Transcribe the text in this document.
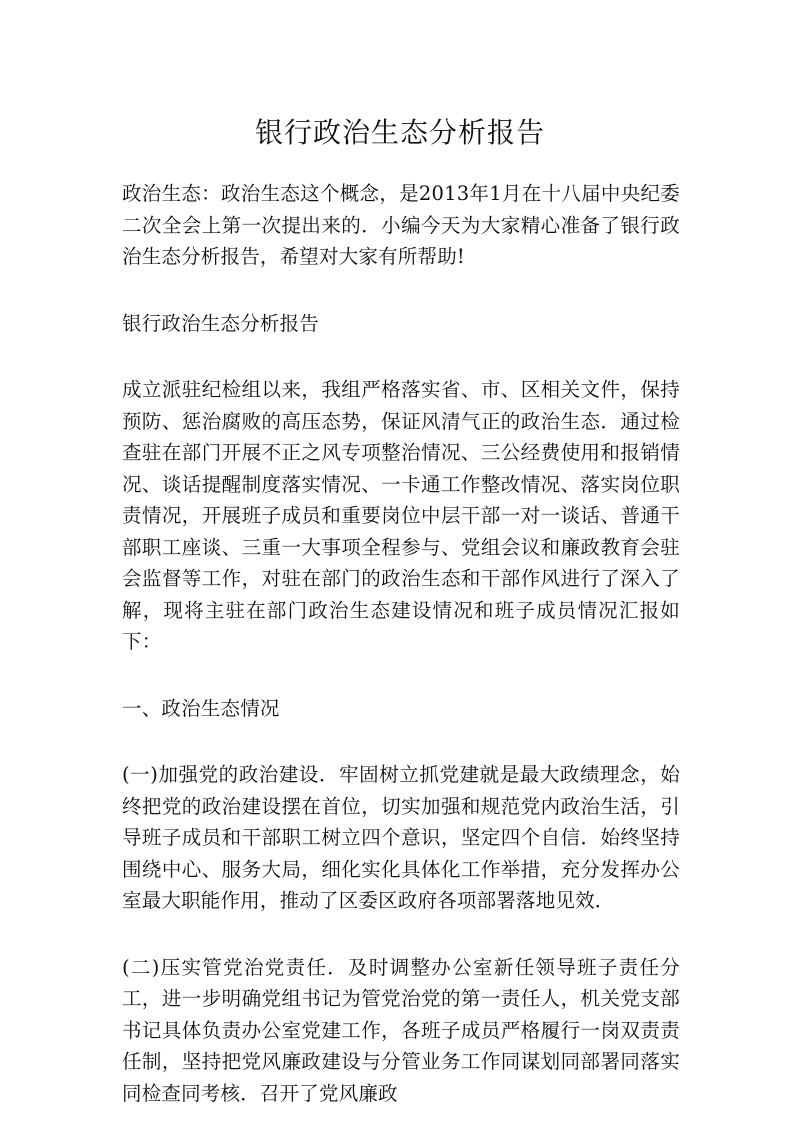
银行政治生态分析报告

政治生态：政治生态这个概念，是2013年1月在十八届中央纪委二次全会上第一次提出来的．小编今天为大家精心准备了银行政治生态分析报告，希望对大家有所帮助!

银行政治生态分析报告

成立派驻纪检组以来，我组严格落实省、市、区相关文件，保持预防、惩治腐败的高压态势，保证风清气正的政治生态．通过检查驻在部门开展不正之风专项整治情况、三公经费使用和报销情况、谈话提醒制度落实情况、一卡通工作整改情况、落实岗位职责情况，开展班子成员和重要岗位中层干部一对一谈话、普通干部职工座谈、三重一大事项全程参与、党组会议和廉政教育会驻会监督等工作，对驻在部门的政治生态和干部作风进行了深入了解，现将主驻在部门政治生态建设情况和班子成员情况汇报如下：

一、政治生态情况

(一)加强党的政治建设．牢固树立抓党建就是最大政绩理念，始终把党的政治建设摆在首位，切实加强和规范党内政治生活，引导班子成员和干部职工树立四个意识，坚定四个自信．始终坚持围绕中心、服务大局，细化实化具体化工作举措，充分发挥办公室最大职能作用，推动了区委区政府各项部署落地见效．

(二)压实管党治党责任．及时调整办公室新任领导班子责任分工，进一步明确党组书记为管党治党的第一责任人，机关党支部书记具体负责办公室党建工作，各班子成员严格履行一岗双责责任制，坚持把党风廉政建设与分管业务工作同谋划同部署同落实同检查同考核．召开了党风廉政
